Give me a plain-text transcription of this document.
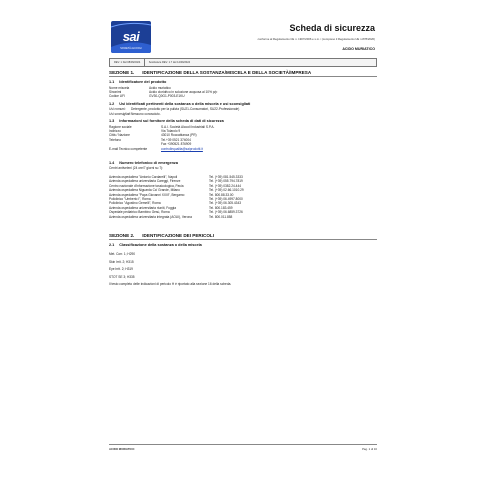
sai
SOCIETÀ ALCOOLI
Scheda di sicurezza
conforme al Regolamento CE n. 1907/2006 e s.m. i (compreso il Regolamento UE n.878/2020)
ACIDO MURIATICO
REV. 1 Del 08/09/2024	Sostituisce REV. 1.7 del 14/09/2024
SEZIONE 1. IDENTIFICAZIONE DELLA SOSTANZA/MISCELA E DELLA SOCIETÀ/IMPRESA
1.1 Identificatore del prodotto
Nome miscela	Acido muriatico
Sinonimi	Acido cloridrico in soluzione acquosa al 10% p/p
Codice UFI	GV30-Q0G1-P003-E1KU
1.2 Usi identificati pertinenti della sostanza o della miscela e usi sconsigliati
Usi comuni:	Detergente, prodotto per la pulizia (SU21-Consumatori, SU22-Professionale)
Usi sconsigliati: Nessuno conosciuto.
1.3 Informazioni sul fornitore della scheda di dati di sicurezza
Ragione sociale	S.A.I. Società Alcooli Industriali S.P.A.
Indirizzo	Via Tolarolo 9
Città / Nazione	43010 Roccabianca (PR)
Telefono	Tel.+39 0521 374004
Fax +390521 876909
E-mail Tecnico competente	controllequalita@saiprodotti.it
1.4 Numero telefonico di emergenza
Centri antiveleni (24 ore/7 giorni su 7):
Azienda ospedaliera "Antonio Cardarelli", Napoli	Tel. (+39) 081.545.3333
Azienda ospedaliera universitaria Careggi, Firenze	Tel. (+39) 055.794.7819
Centro nazionale d'informazione tossicologica, Pavia	Tel. (+39) 0382.24.444
Azienda ospedaliera Niguarda Ca' Grande, Milano	Tel. (+39) 02.66.1010.29
Azienda ospedaliera "Papa Giovanni XXIII", Bergamo	Tel. 800.88.33.00
Policlinico "Umberto I", Roma	Tel. (+39) 06.4997.8000
Policlinico "Agostino Gemelli", Roma	Tel. (+39) 06.305.4343
Azienda ospedaliera universitaria riuniti, Foggia	Tel. 800.183.459
Ospedale pediatrico Bambino Gesù, Roma	Tel. (+39) 06.6859.3726
Azienda ospedaliera universitaria integrata (AOUI), Verona	Tel. 800.011.858
SEZIONE 2. IDENTIFICAZIONE DEI PERICOLI
2.1 Classificazione della sostanza o della miscela
Met. Corr. 1; H290
Skin Irrit. 2; H315
Eye Irrit. 2; H319
STOT SE 3; H335
Il testo completo delle indicazioni di pericolo H è riportato alla sezione 16 della scheda.
ACIDO MURIATICO	Pag. 1 di 16
